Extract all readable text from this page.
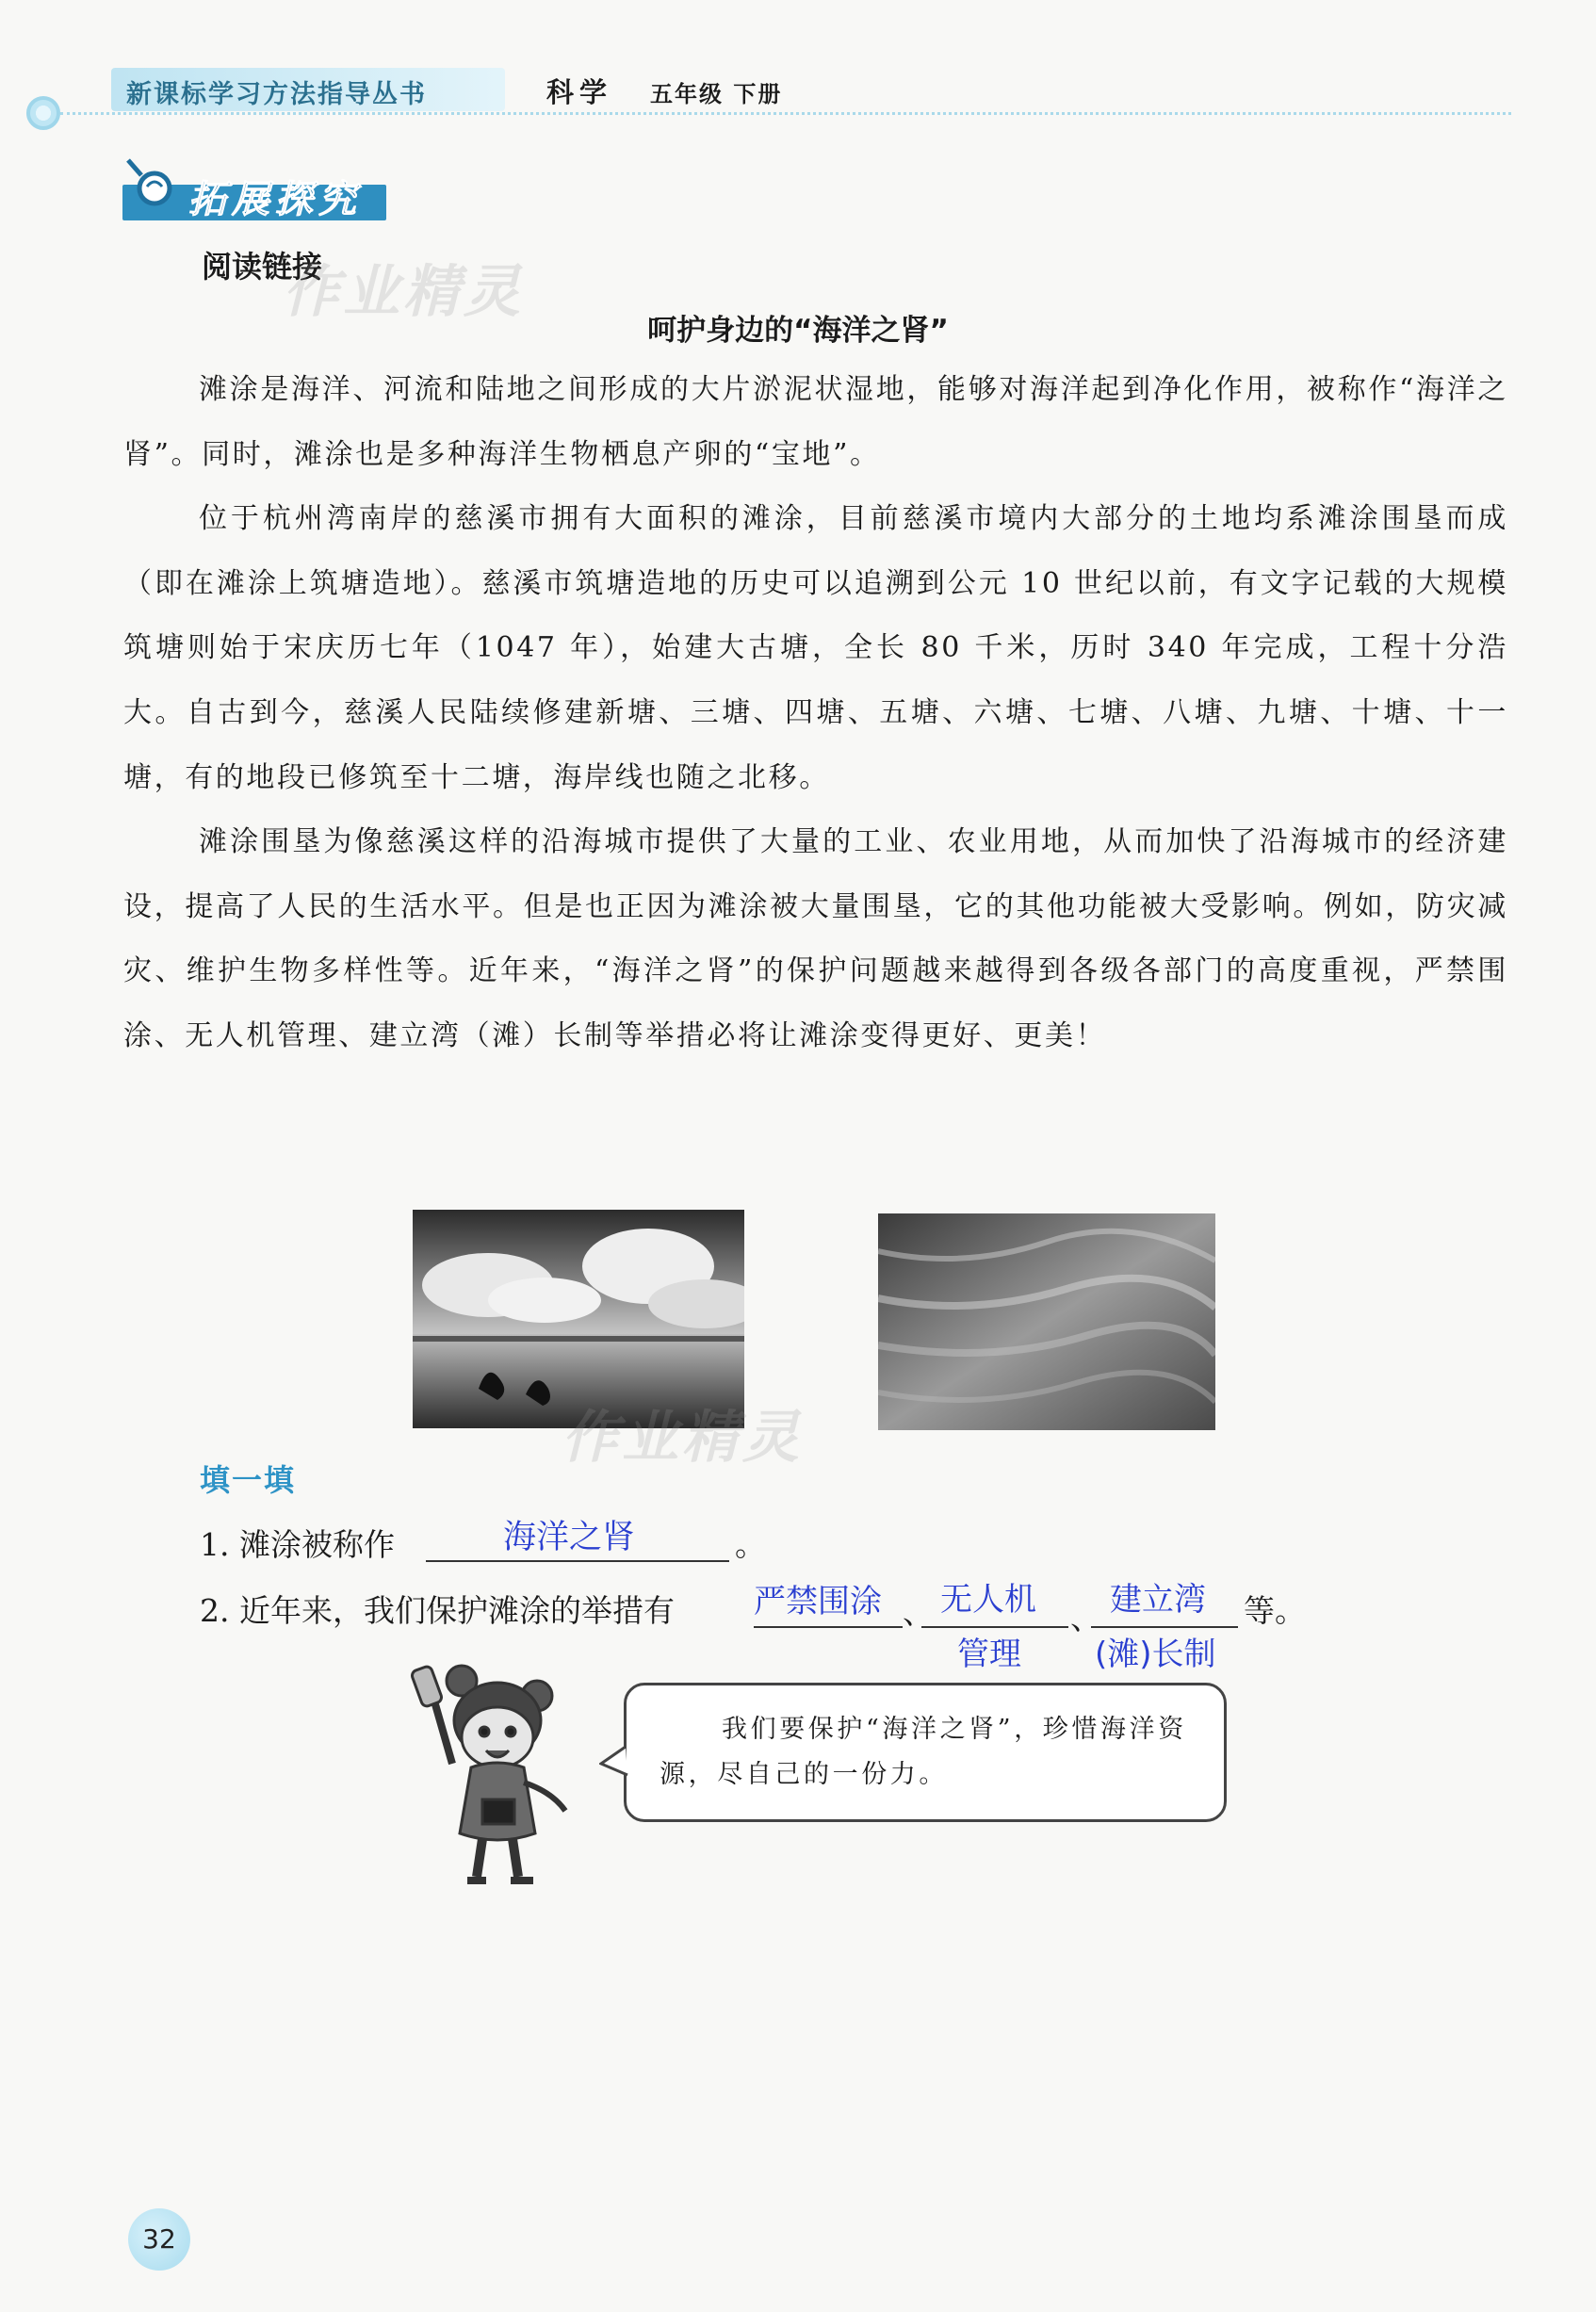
新课标学习方法指导丛书	科学 五年级 下册
拓展探究
阅读链接
作业精灵
呵护身边的“海洋之肾”

滩涂是海洋、河流和陆地之间形成的大片淤泥状湿地，能够对海洋起到净化作用，被称作“海洋之肾”。同时，滩涂也是多种海洋生物栖息产卵的“宝地”。

位于杭州湾南岸的慈溪市拥有大面积的滩涂，目前慈溪市境内大部分的土地均系滩涂围垦而成（即在滩涂上筑塘造地）。慈溪市筑塘造地的历史可以追溯到公元 10 世纪以前，有文字记载的大规模筑塘则始于宋庆历七年（1047 年），始建大古塘，全长 80 千米，历时 340 年完成，工程十分浩大。自古到今，慈溪人民陆续修建新塘、三塘、四塘、五塘、六塘、七塘、八塘、九塘、十塘、十一塘，有的地段已修筑至十二塘，海岸线也随之北移。

滩涂围垦为像慈溪这样的沿海城市提供了大量的工业、农业用地，从而加快了沿海城市的经济建设，提高了人民的生活水平。但是也正因为滩涂被大量围垦，它的其他功能被大受影响。例如，防灾减灾、维护生物多样性等。近年来，“海洋之肾”的保护问题越来越得到各级各部门的高度重视，严禁围涂、无人机管理、建立湾（滩）长制等举措必将让滩涂变得更好、更美！

作业精灵
填一填
1. 滩涂被称作	海洋之肾	。
2. 近年来，我们保护滩涂的举措有	、	、	等。
严禁围涂 无人机
管理
建立湾
(滩)长制
我们要保护“海洋之肾”，珍惜海洋资源，尽自己的一份力。
32
